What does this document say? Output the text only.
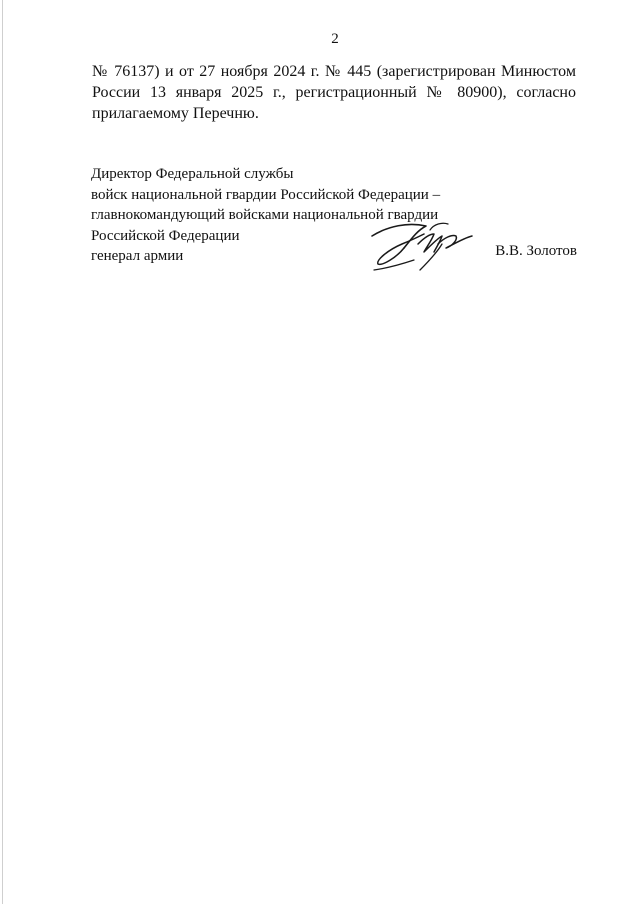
2
№ 76137) и от 27 ноября 2024 г. № 445 (зарегистрирован Минюстом
России 13 января 2025 г., регистрационный № 80900), согласно
прилагаемому Перечню.
Директор Федеральной службы
войск национальной гвардии Российской Федерации –
главнокомандующий войсками национальной гвардии
Российской Федерации
генерал армии	В.В. Золотов
